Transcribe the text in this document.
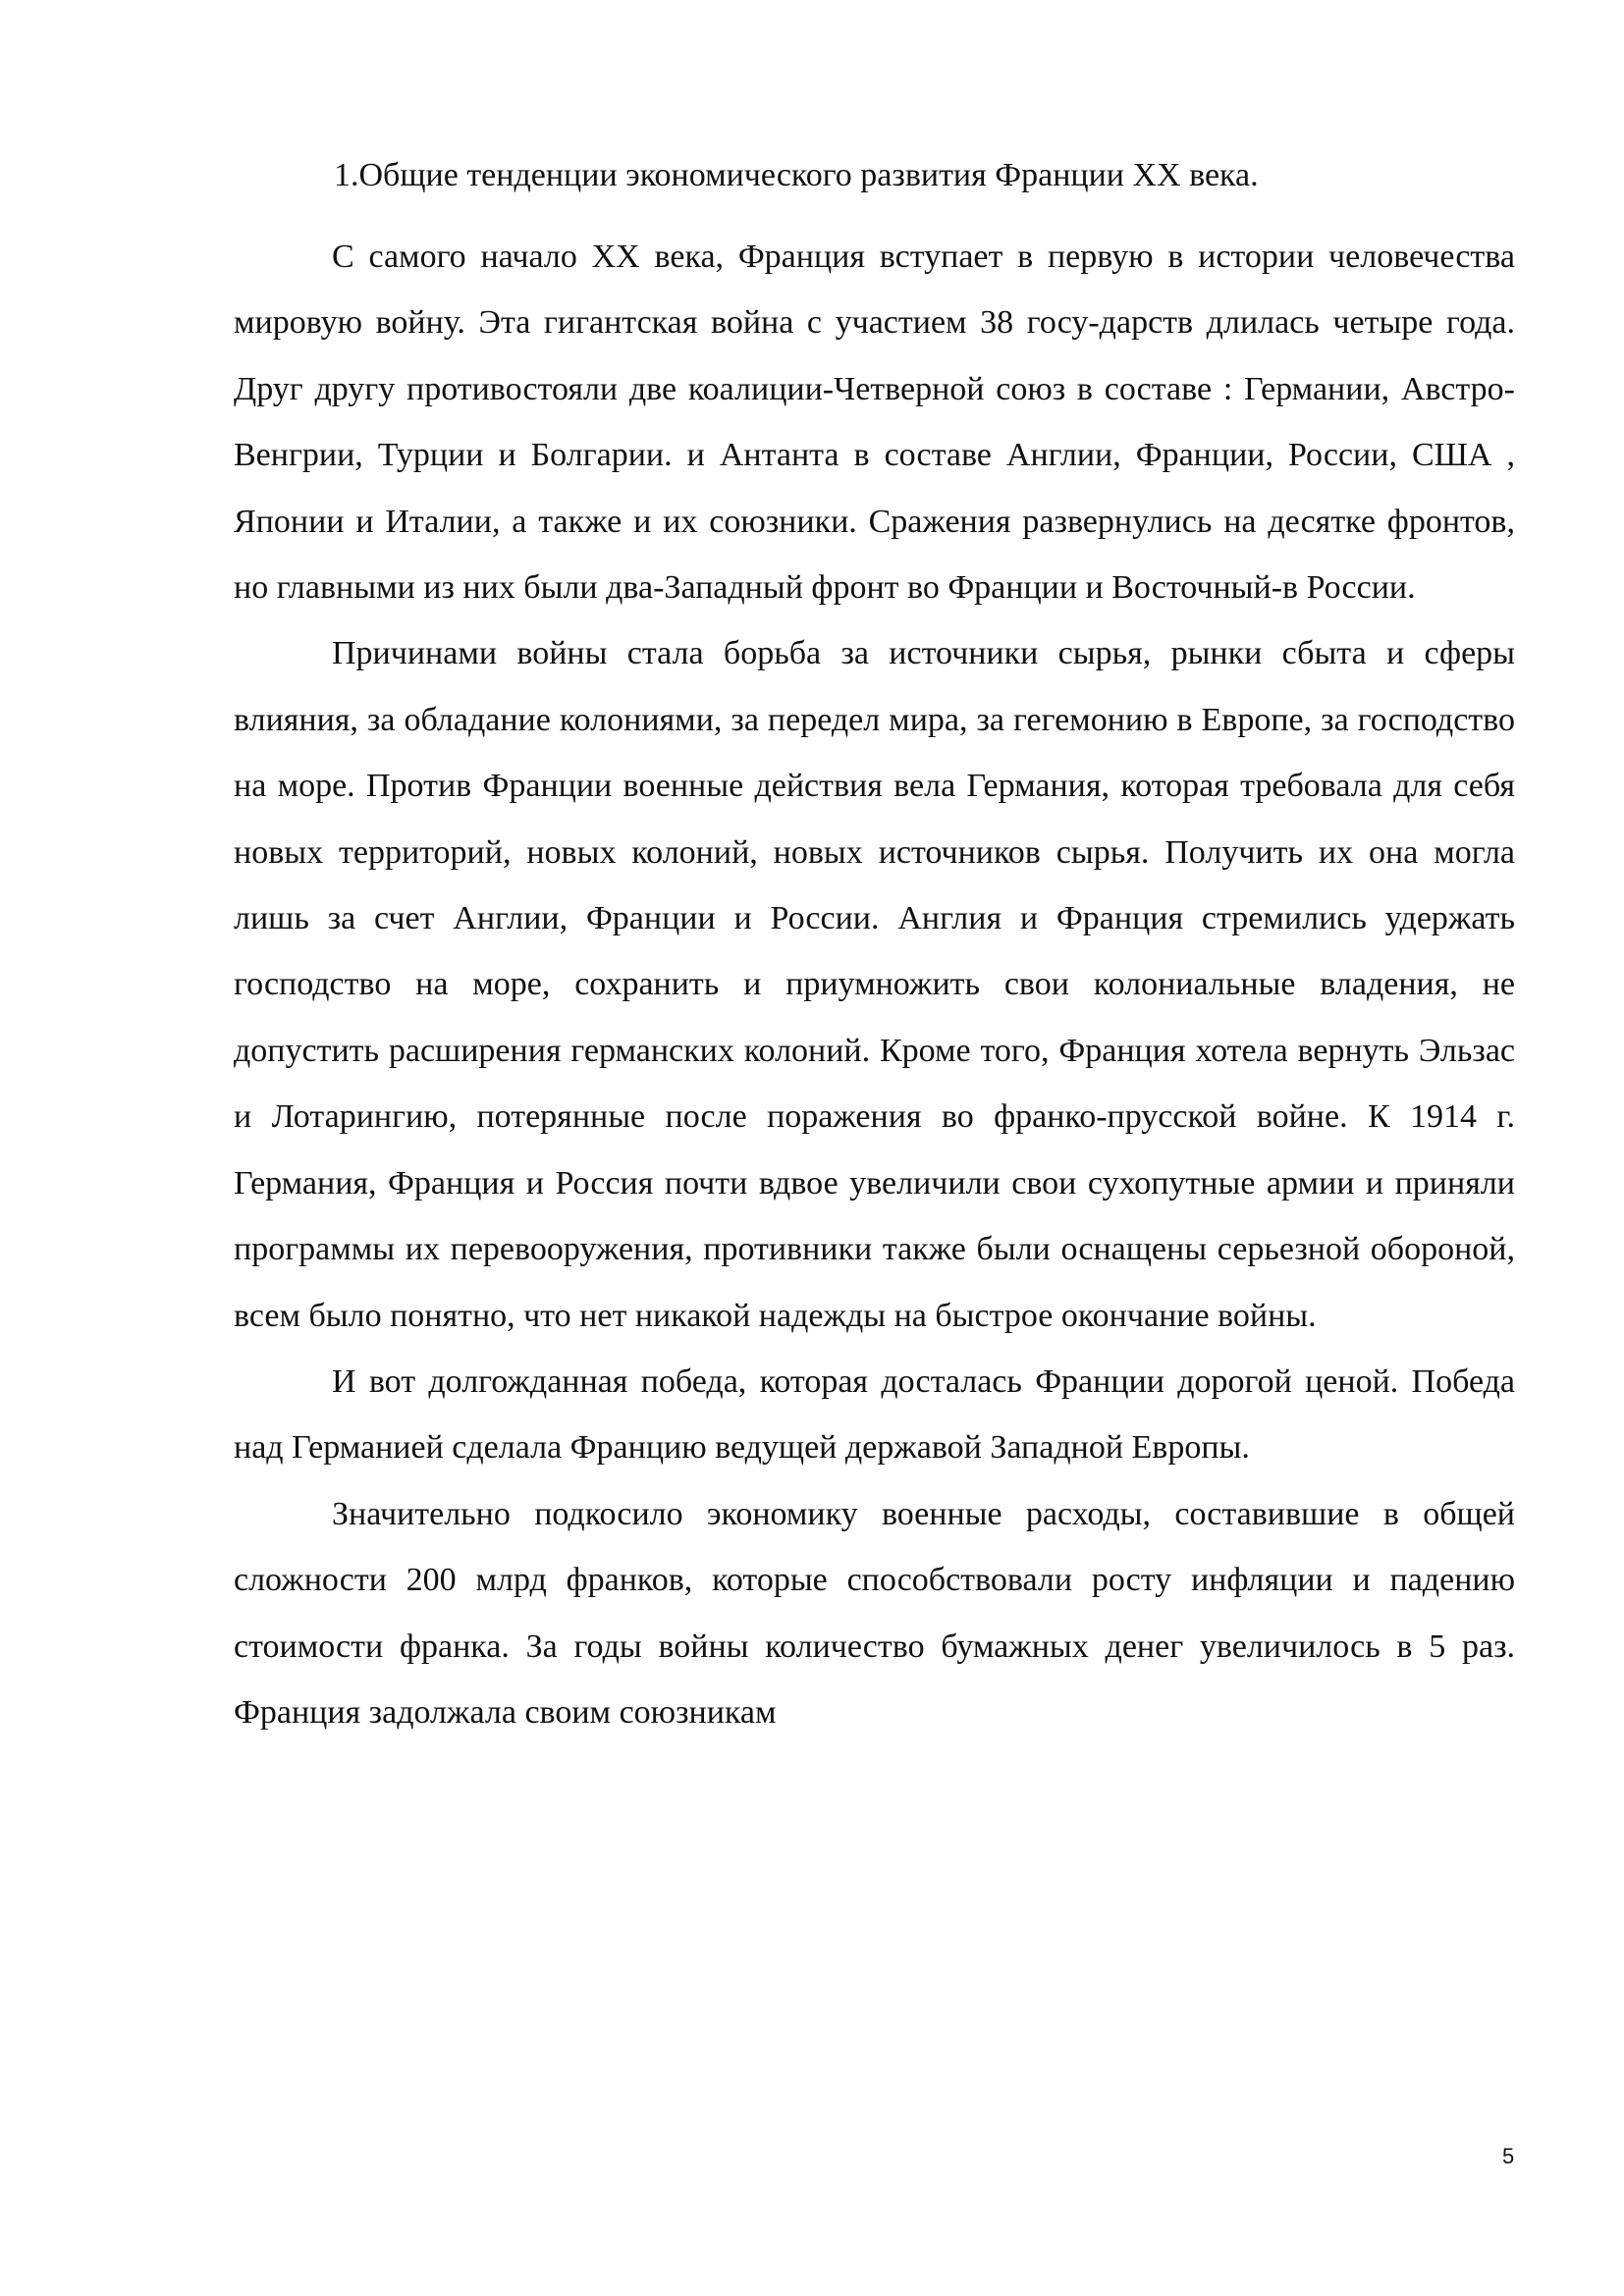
1.Общие тенденции экономического развития Франции XX века.

С самого начало XX века, Франция вступает в первую в истории человечества мировую войну. Эта гигантская война с участием 38 госу-дарств длилась четыре года. Друг другу противостояли две коалиции-Четверной союз в составе : Германии, Австро- Венгрии, Турции и Болгарии. и Антанта в составе Англии, Франции, России, США , Японии и Италии, а также и их союзники. Сражения развернулись на десятке фронтов, но главными из них были два-Западный фронт во Франции и Восточный-в России.

Причинами войны стала борьба за источники сырья, рынки сбыта и сферы влияния, за обладание колониями, за передел мира, за гегемонию в Европе, за господство на море. Против Франции военные действия вела Германия, которая требовала для себя новых территорий, новых колоний, новых источников сырья. Получить их она могла лишь за счет Англии, Франции и России. Англия и Франция стремились удержать господство на море, сохранить и приумножить свои колониальные владения, не допустить расширения германских колоний. Кроме того, Франция хотела вернуть Эльзас и Лотарингию, потерянные после поражения во франко-прусской войне. К 1914 г. Германия, Франция и Россия почти вдвое увеличили свои сухопутные армии и приняли программы их перевооружения, противники также были оснащены серьезной обороной, всем было понятно, что нет никакой надежды на быстрое окончание войны.

И вот долгожданная победа, которая досталась Франции дорогой ценой. Победа над Германией сделала Францию ведущей державой Западной Европы.

Значительно подкосило экономику военные расходы, составившие в общей сложности 200 млрд франков, которые способствовали росту инфляции и падению стоимости франка. За годы войны количество бумажных денег увеличилось в 5 раз. Франция задолжала своим союзникам

5
